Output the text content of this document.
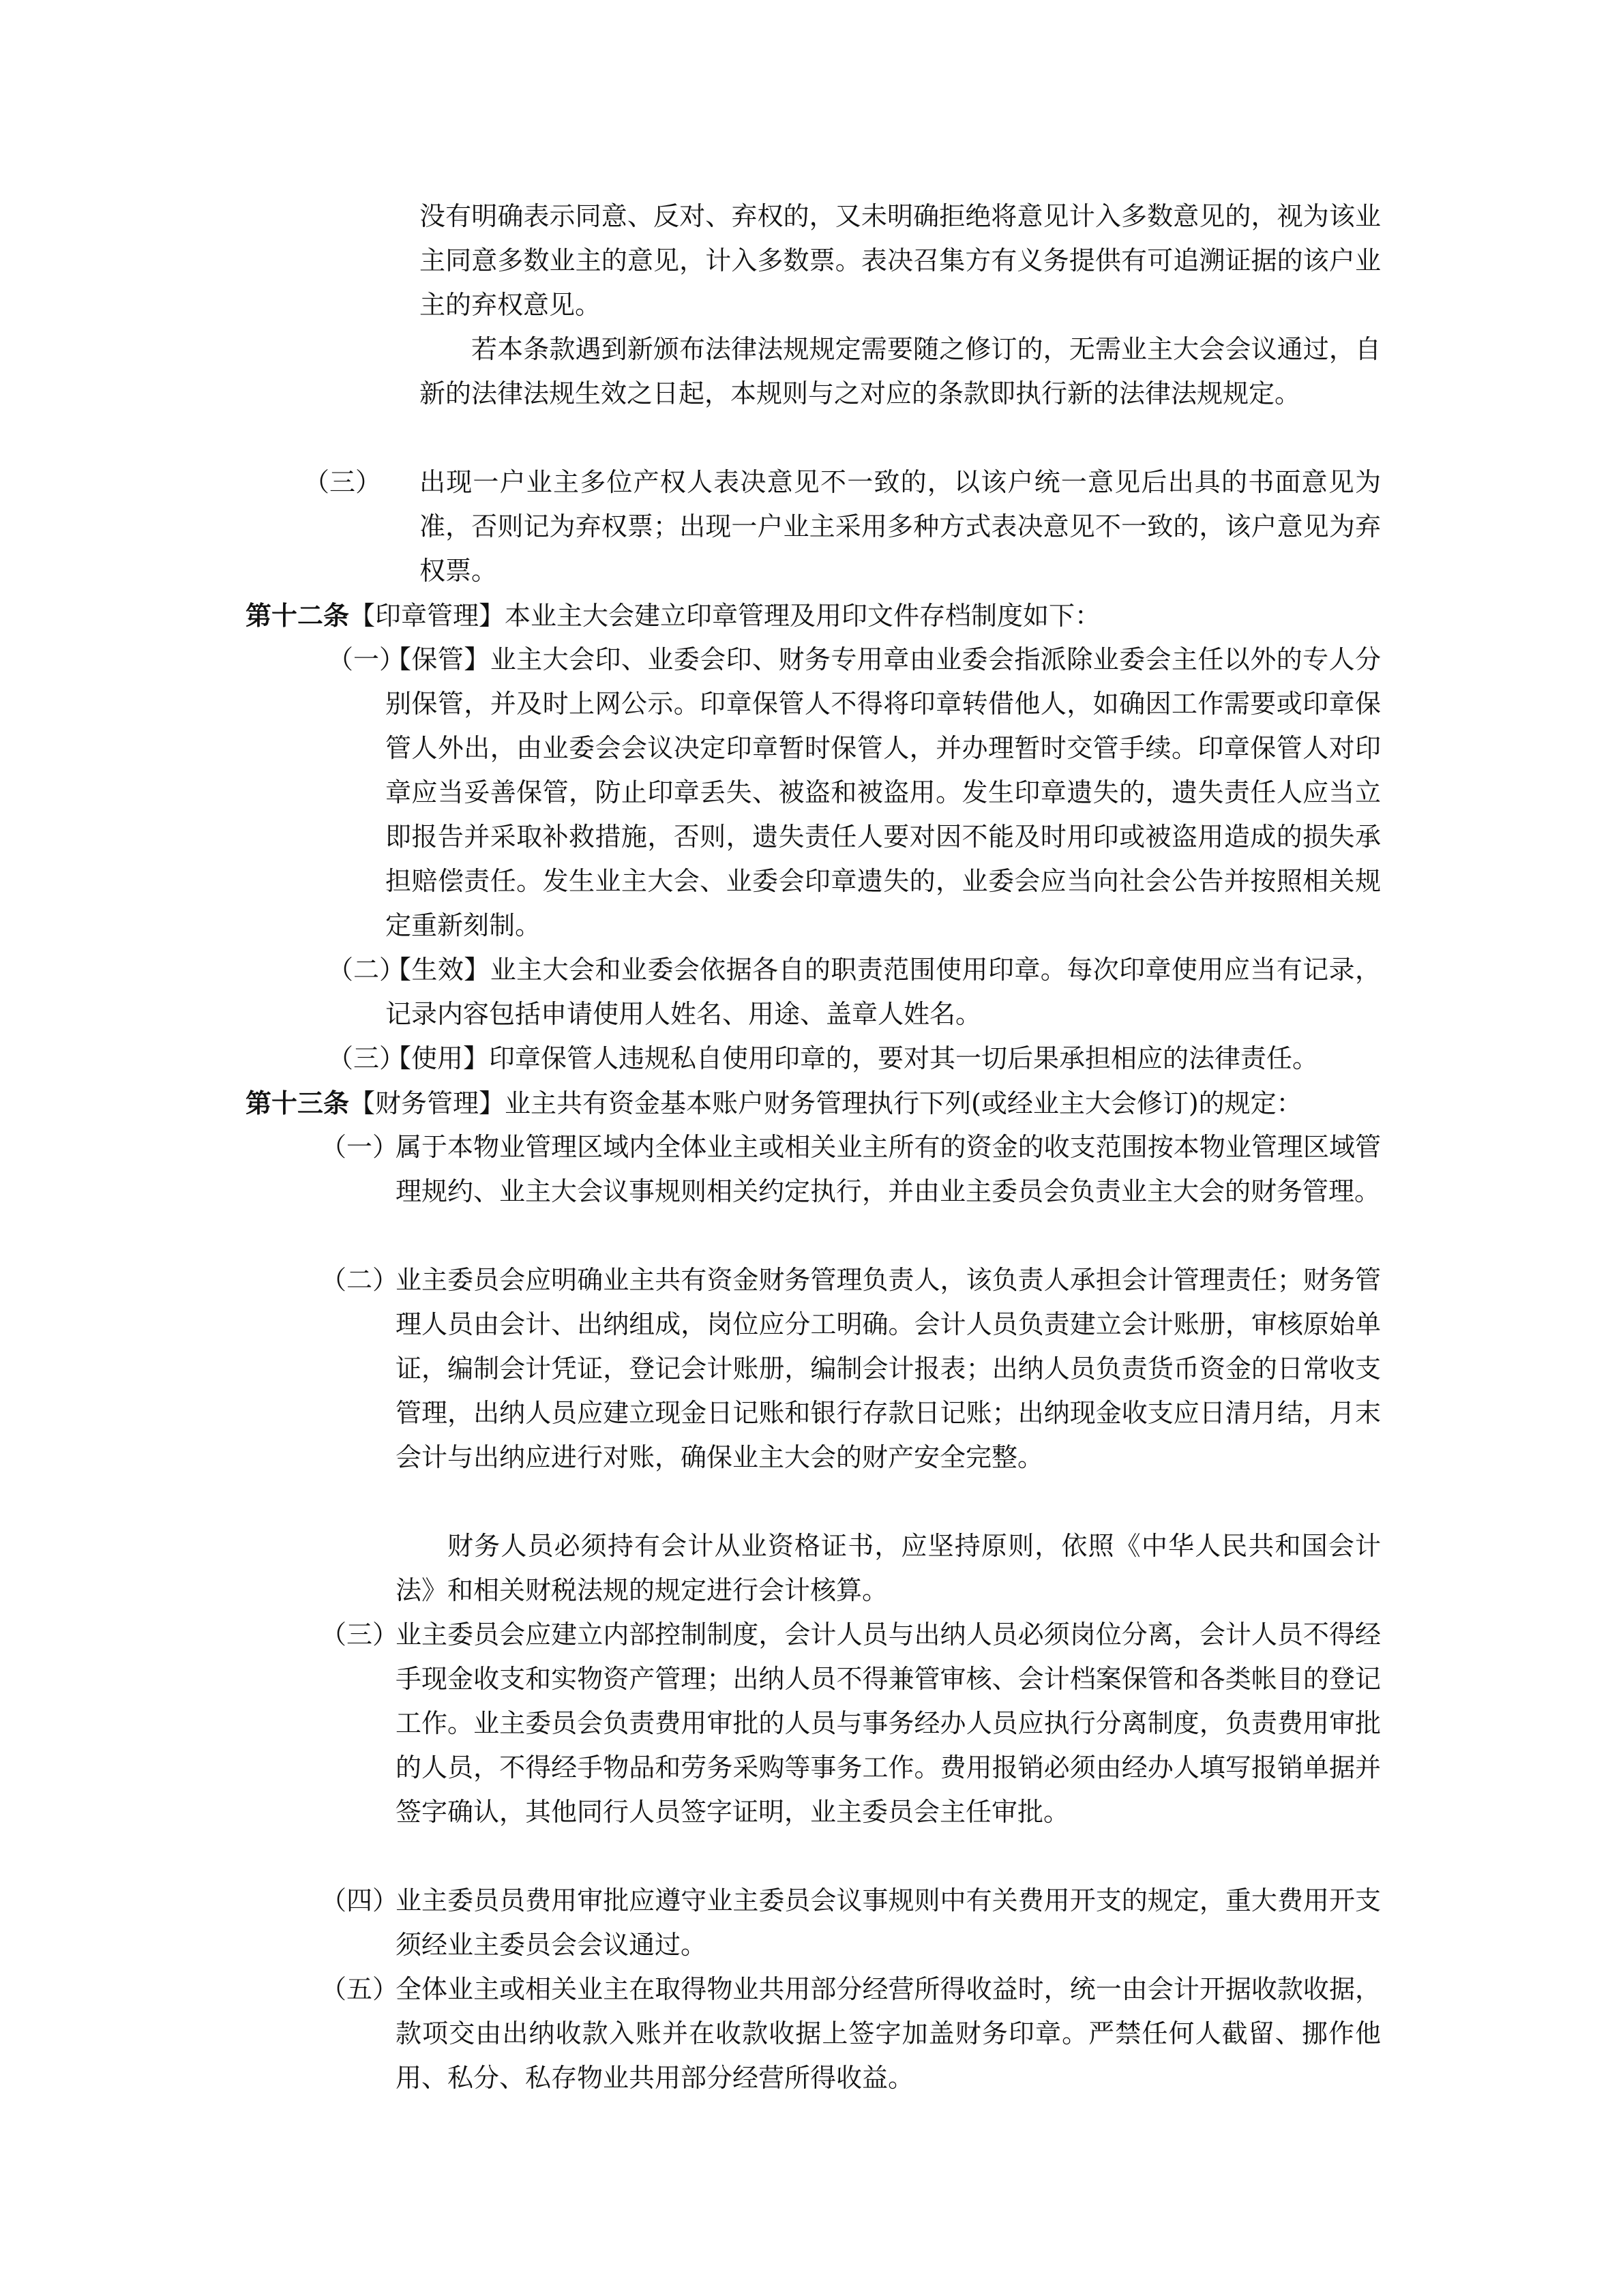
没有明确表示同意、反对、弃权的，又未明确拒绝将意见计入多数意见的，视为该业主同意多数业主的意见，计入多数票。表决召集方有义务提供有可追溯证据的该户业主的弃权意见。
若本条款遇到新颁布法律法规规定需要随之修订的，无需业主大会会议通过，自新的法律法规生效之日起，本规则与之对应的条款即执行新的法律法规规定。
（三） 出现一户业主多位产权人表决意见不一致的，以该户统一意见后出具的书面意见为准，否则记为弃权票；出现一户业主采用多种方式表决意见不一致的，该户意见为弃权票。
第十二条【印章管理】本业主大会建立印章管理及用印文件存档制度如下：
（一）
【保管】业主大会印、业委会印、财务专用章由业委会指派除业委会主任以外的专人分别保管，并及时上网公示。印章保管人不得将印章转借他人，如确因工作需要或印章保管人外出，由业委会会议决定印章暂时保管人，并办理暂时交管手续。印章保管人对印章应当妥善保管，防止印章丢失、被盗和被盗用。发生印章遗失的，遗失责任人应当立即报告并采取补救措施，否则，遗失责任人要对因不能及时用印或被盗用造成的损失承担赔偿责任。发生业主大会、业委会印章遗失的，业委会应当向社会公告并按照相关规定重新刻制。
（二）
【生效】业主大会和业委会依据各自的职责范围使用印章。每次印章使用应当有记录，记录内容包括申请使用人姓名、用途、盖章人姓名。
（三）
【使用】印章保管人违规私自使用印章的，要对其一切后果承担相应的法律责任。
第十三条【财务管理】业主共有资金基本账户财务管理执行下列(或经业主大会修订)的规定：
（一）
属于本物业管理区域内全体业主或相关业主所有的资金的收支范围按本物业管理区域管理规约、业主大会议事规则相关约定执行，并由业主委员会负责业主大会的财务管理。
（二）
业主委员会应明确业主共有资金财务管理负责人，该负责人承担会计管理责任；财务管理人员由会计、出纳组成，岗位应分工明确。会计人员负责建立会计账册，审核原始单证，编制会计凭证，登记会计账册，编制会计报表；出纳人员负责货币资金的日常收支管理，出纳人员应建立现金日记账和银行存款日记账；出纳现金收支应日清月结，月末会计与出纳应进行对账，确保业主大会的财产安全完整。
财务人员必须持有会计从业资格证书，应坚持原则，依照《中华人民共和国会计法》和相关财税法规的规定进行会计核算。
（三）
业主委员会应建立内部控制制度，会计人员与出纳人员必须岗位分离，会计人员不得经手现金收支和实物资产管理；出纳人员不得兼管审核、会计档案保管和各类帐目的登记工作。业主委员会负责费用审批的人员与事务经办人员应执行分离制度，负责费用审批的人员，不得经手物品和劳务采购等事务工作。费用报销必须由经办人填写报销单据并签字确认，其他同行人员签字证明，业主委员会主任审批。
（四）
业主委员员费用审批应遵守业主委员会议事规则中有关费用开支的规定，重大费用开支须经业主委员会会议通过。
（五）
全体业主或相关业主在取得物业共用部分经营所得收益时，统一由会计开据收款收据，款项交由出纳收款入账并在收款收据上签字加盖财务印章。严禁任何人截留、挪作他用、私分、私存物业共用部分经营所得收益。
